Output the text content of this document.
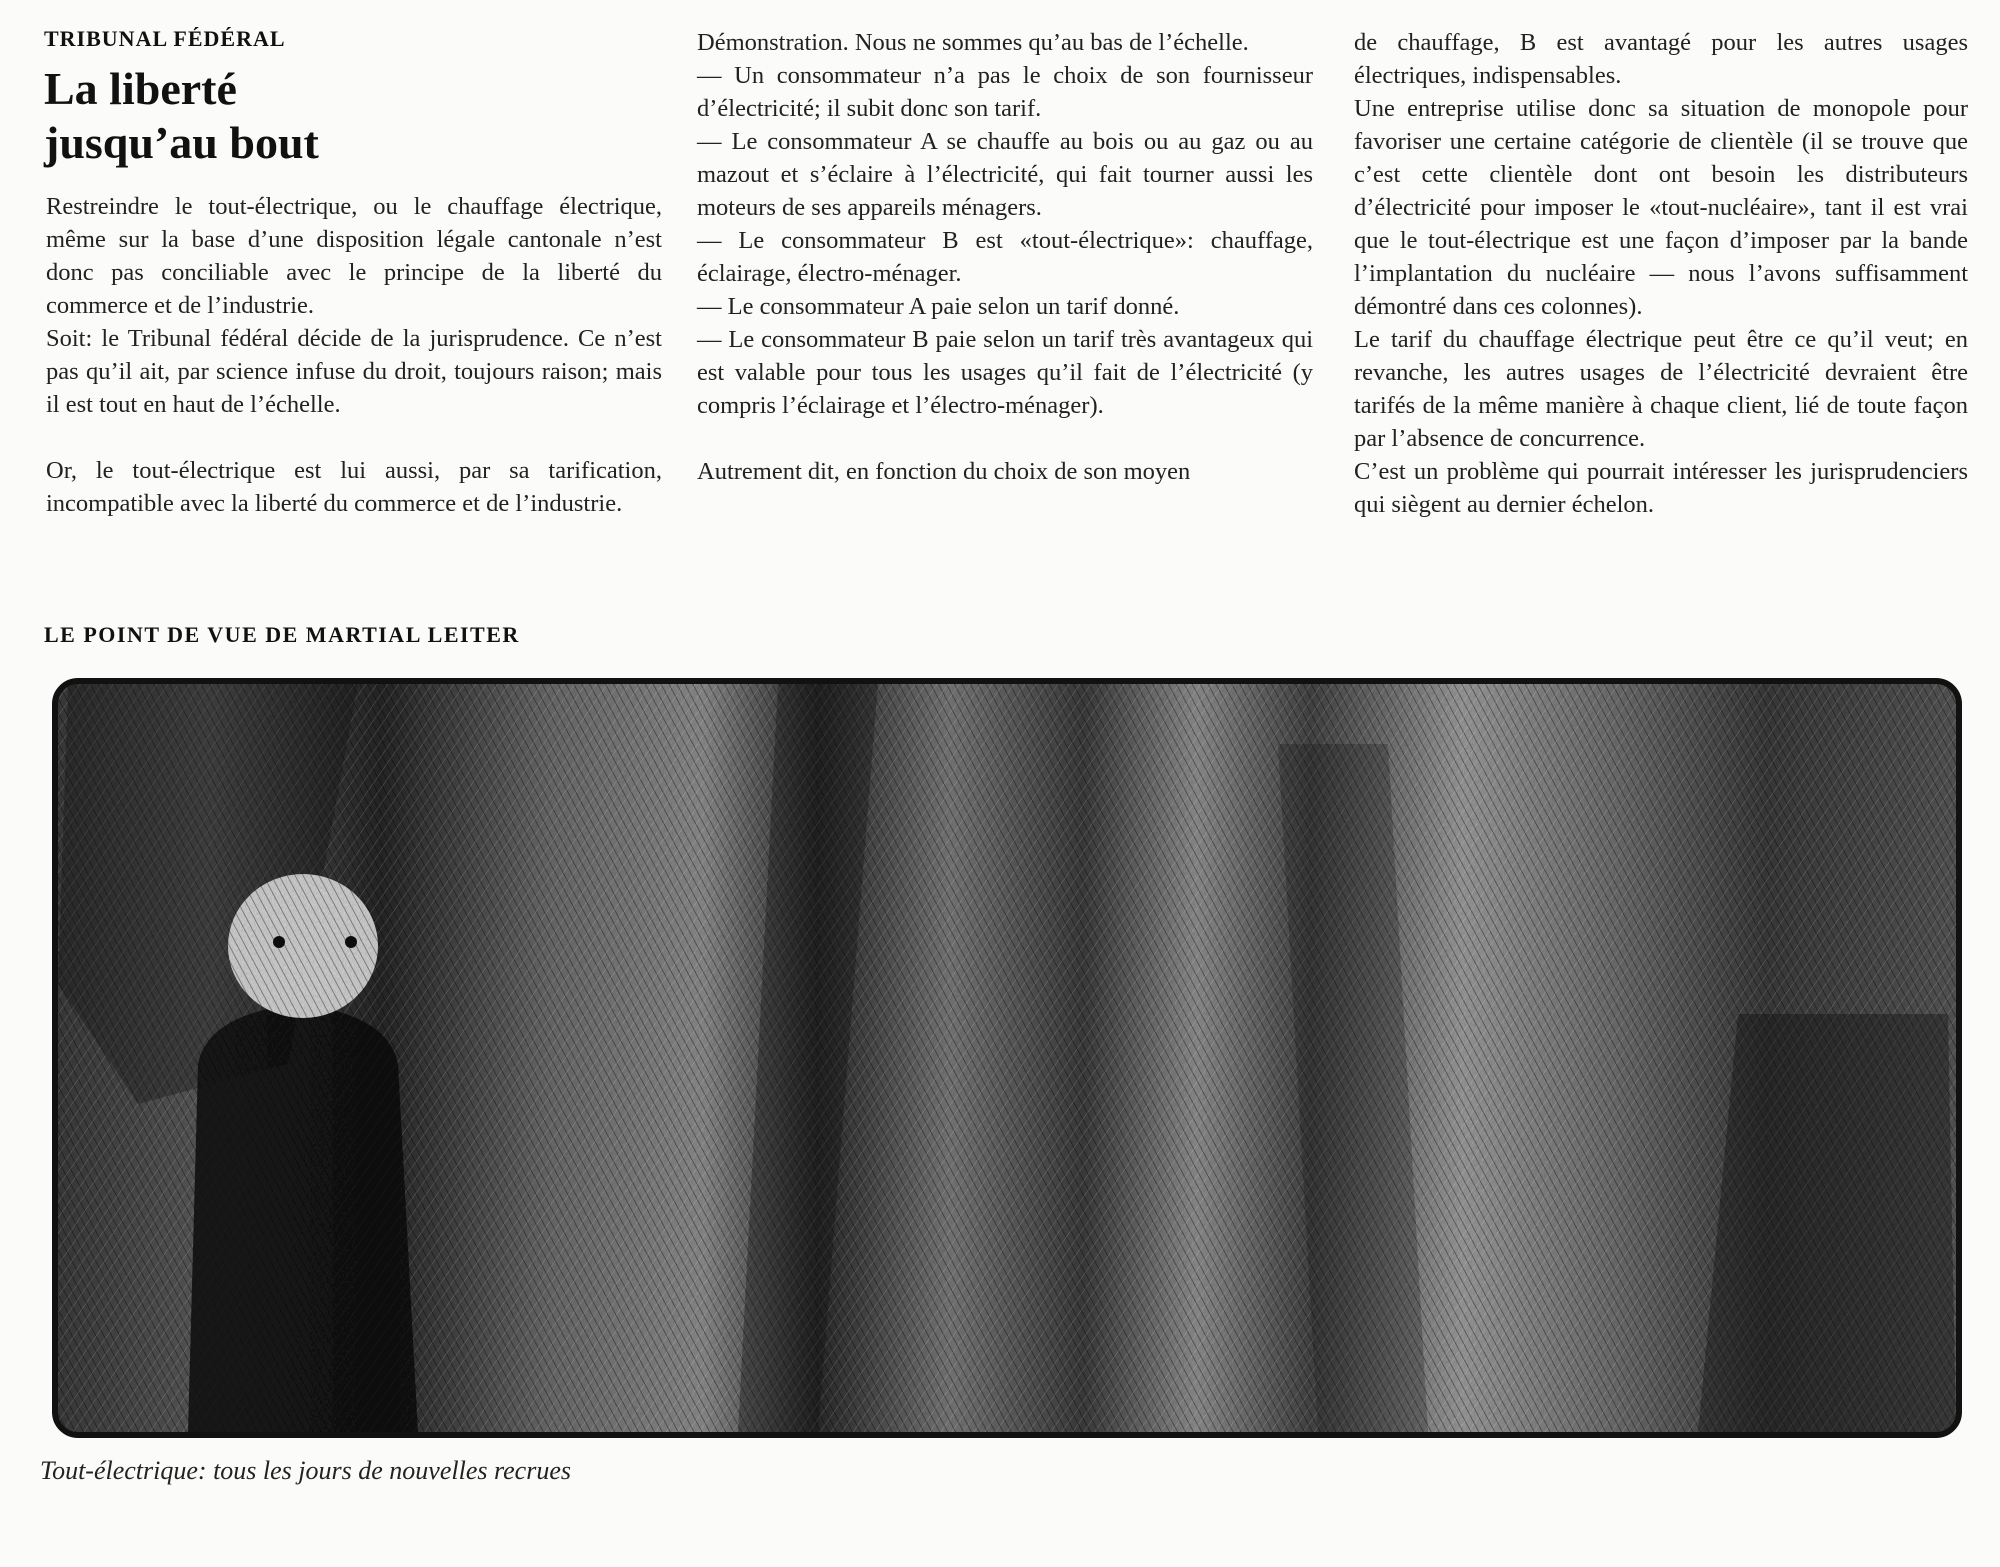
TRIBUNAL FÉDÉRAL
La liberté
jusqu’au bout

Restreindre le tout-électrique, ou le chauffage électrique, même sur la base d’une disposition légale cantonale n’est donc pas conciliable avec le principe de la liberté du commerce et de l’industrie.

Soit: le Tribunal fédéral décide de la jurisprudence. Ce n’est pas qu’il ait, par science infuse du droit, toujours raison; mais il est tout en haut de l’échelle.

Or, le tout-électrique est lui aussi, par sa tarification, incompatible avec la liberté du commerce et de l’industrie.

Démonstration. Nous ne sommes qu’au bas de l’échelle.

— Un consommateur n’a pas le choix de son fournisseur d’électricité; il subit donc son tarif.

— Le consommateur A se chauffe au bois ou au gaz ou au mazout et s’éclaire à l’électricité, qui fait tourner aussi les moteurs de ses appareils ménagers.

— Le consommateur B est «tout-électrique»: chauffage, éclairage, électro-ménager.

— Le consommateur A paie selon un tarif donné.

— Le consommateur B paie selon un tarif très avantageux qui est valable pour tous les usages qu’il fait de l’électricité (y compris l’éclairage et l’électro-ménager).

Autrement dit, en fonction du choix de son moyen

de chauffage, B est avantagé pour les autres usages électriques, indispensables.

Une entreprise utilise donc sa situation de monopole pour favoriser une certaine catégorie de clientèle (il se trouve que c’est cette clientèle dont ont besoin les distributeurs d’électricité pour imposer le «tout-nucléaire», tant il est vrai que le tout-électrique est une façon d’imposer par la bande l’implantation du nucléaire — nous l’avons suffisamment démontré dans ces colonnes).

Le tarif du chauffage électrique peut être ce qu’il veut; en revanche, les autres usages de l’électricité devraient être tarifés de la même manière à chaque client, lié de toute façon par l’absence de concurrence.

C’est un problème qui pourrait intéresser les jurisprudenciers qui siègent au dernier échelon.

LE POINT DE VUE DE MARTIAL LEITER
Tout-électrique: tous les jours de nouvelles recrues
